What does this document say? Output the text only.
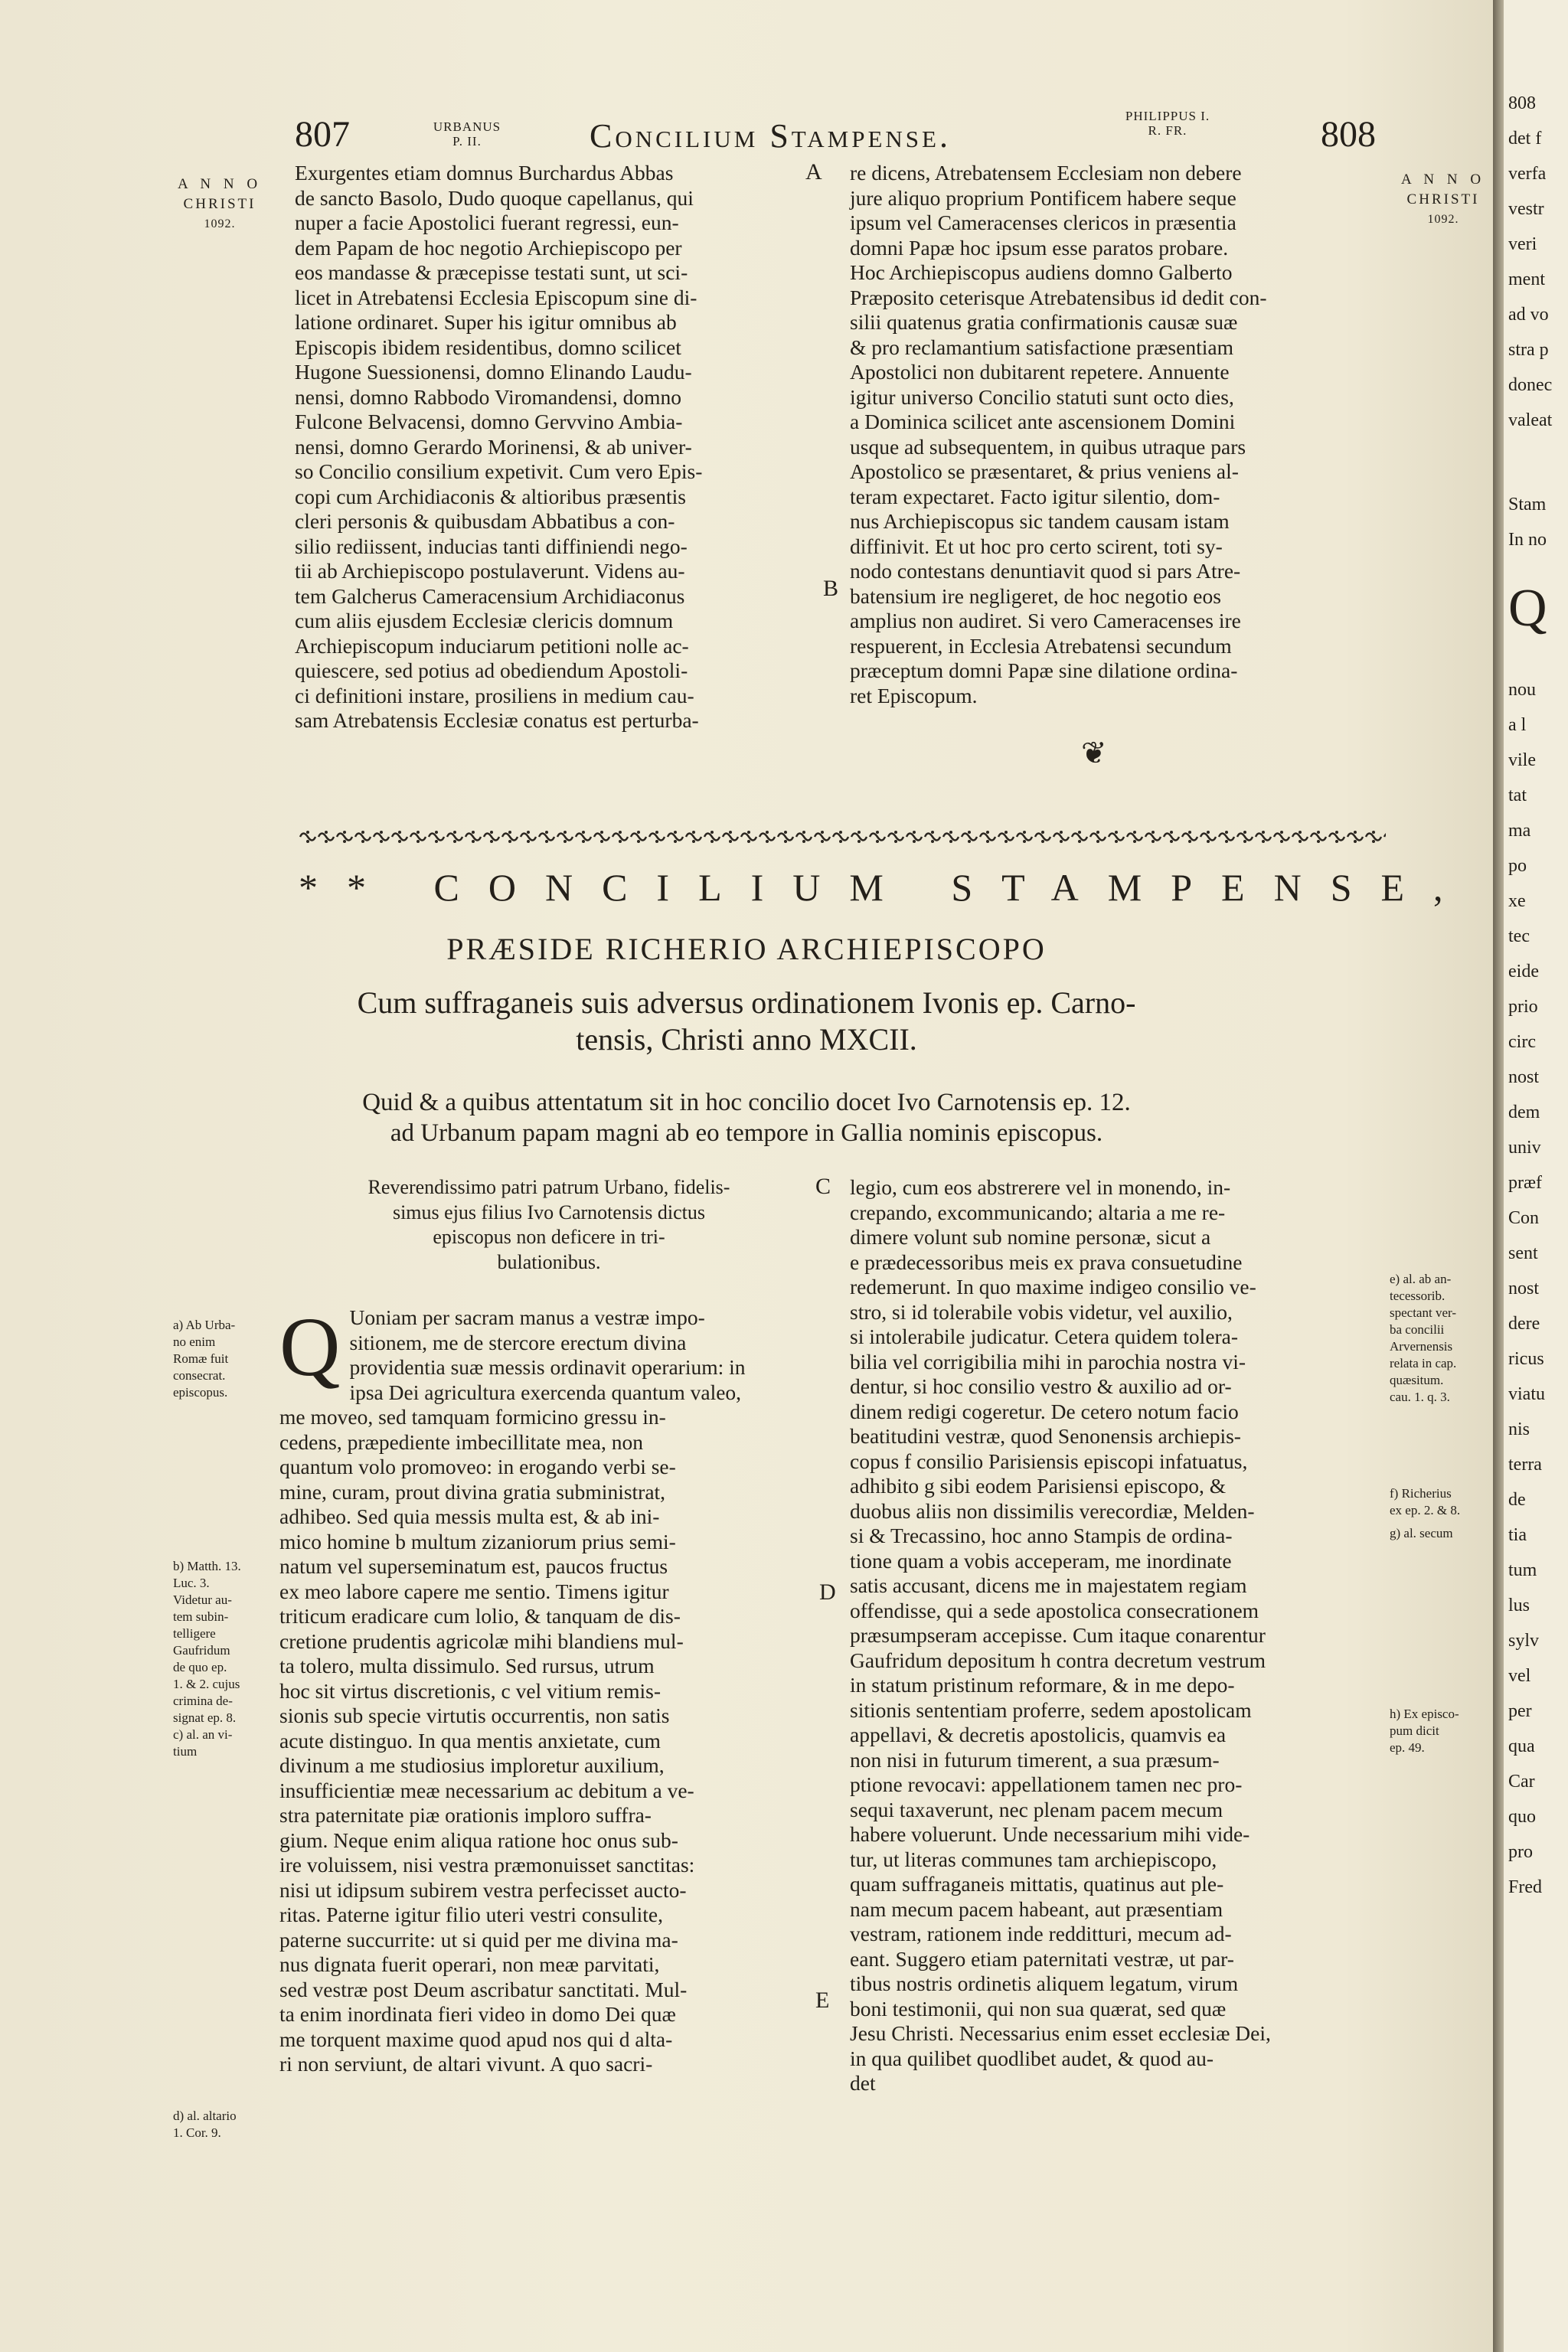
807	URBANUS
P. II.	Concilium Stampense.
PHILIPPUS I.
R. FR.	808
A N N O
CHRISTI
1092.
A N N O
CHRISTI
1092.
A
B
C
D
E
Exurgentes etiam domnus Burchardus Abbas
de sancto Basolo, Dudo quoque capellanus, qui
nuper a facie Apostolici fuerant regressi, eun-
dem Papam de hoc negotio Archiepiscopo per
eos mandasse & præcepisse testati sunt, ut sci-
licet in Atrebatensi Ecclesia Episcopum sine di-
latione ordinaret. Super his igitur omnibus ab
Episcopis ibidem residentibus, domno scilicet
Hugone Suessionensi, domno Elinando Laudu-
nensi, domno Rabbodo Viromandensi, domno
Fulcone Belvacensi, domno Gervvino Ambia-
nensi, domno Gerardo Morinensi, & ab univer-
so Concilio consilium expetivit. Cum vero Epis-
copi cum Archidiaconis & altioribus præsentis
cleri personis & quibusdam Abbatibus a con-
silio rediissent, inducias tanti diffiniendi nego-
tii ab Archiepiscopo postulaverunt. Videns au-
tem Galcherus Cameracensium Archidiaconus
cum aliis ejusdem Ecclesiæ clericis domnum
Archiepiscopum induciarum petitioni nolle ac-
quiescere, sed potius ad obediendum Apostoli-
ci definitioni instare, prosiliens in medium cau-
sam Atrebatensis Ecclesiæ conatus est perturba-
re dicens, Atrebatensem Ecclesiam non debere
jure aliquo proprium Pontificem habere seque
ipsum vel Cameracenses clericos in præsentia
domni Papæ hoc ipsum esse paratos probare.
Hoc Archiepiscopus audiens domno Galberto
Præposito ceterisque Atrebatensibus id dedit con-
silii quatenus gratia confirmationis causæ suæ
& pro reclamantium satisfactione præsentiam
Apostolici non dubitarent repetere. Annuente
igitur universo Concilio statuti sunt octo dies,
a Dominica scilicet ante ascensionem Domini
usque ad subsequentem, in quibus utraque pars
Apostolico se præsentaret, & prius veniens al-
teram expectaret. Facto igitur silentio, dom-
nus Archiepiscopus sic tandem causam istam
diffinivit. Et ut hoc pro certo scirent, toti sy-
nodo contestans denuntiavit quod si pars Atre-
batensium ire negligeret, de hoc negotio eos
amplius non audiret. Si vero Cameracenses ire
respuerent, in Ecclesia Atrebatensi secundum
præceptum domni Papæ sine dilatione ordina-
ret Episcopum.
❦
** CONCILIUM STAMPENSE,
PRÆSIDE RICHERIO ARCHIEPISCOPO
Cum suffraganeis suis adversus ordinationem Ivonis ep. Carno-
tensis, Christi anno MXCII.
Quid & a quibus attentatum sit in hoc concilio docet Ivo Carnotensis ep. 12.
ad Urbanum papam magni ab eo tempore in Gallia nominis episcopus.
Reverendissimo patri patrum Urbano, fidelis-
simus ejus filius Ivo Carnotensis dictus
episcopus non deficere in tri-
bulationibus.
Q Uoniam per sacram manus a vestræ impo-
sitionem, me de stercore erectum divina
providentia suæ messis ordinavit operarium: in
ipsa Dei agricultura exercenda quantum valeo,
me moveo, sed tamquam formicino gressu in-
cedens, præpediente imbecillitate mea, non
quantum volo promoveo: in erogando verbi se-
mine, curam, prout divina gratia subministrat,
adhibeo. Sed quia messis multa est, & ab ini-
mico homine b multum zizaniorum prius semi-
natum vel superseminatum est, paucos fructus
ex meo labore capere me sentio. Timens igitur
triticum eradicare cum lolio, & tanquam de dis-
cretione prudentis agricolæ mihi blandiens mul-
ta tolero, multa dissimulo. Sed rursus, utrum
hoc sit virtus discretionis, c vel vitium remis-
sionis sub specie virtutis occurrentis, non satis
acute distinguo. In qua mentis anxietate, cum
divinum a me studiosius imploretur auxilium,
insufficientiæ meæ necessarium ac debitum a ve-
stra paternitate piæ orationis imploro suffra-
gium. Neque enim aliqua ratione hoc onus sub-
ire voluissem, nisi vestra præmonuisset sanctitas:
nisi ut idipsum subirem vestra perfecisset aucto-
ritas. Paterne igitur filio uteri vestri consulite,
paterne succurrite: ut si quid per me divina ma-
nus dignata fuerit operari, non meæ parvitati,
sed vestræ post Deum ascribatur sanctitati. Mul-
ta enim inordinata fieri video in domo Dei quæ
me torquent maxime quod apud nos qui d alta-
ri non serviunt, de altari vivunt. A quo sacri-
legio, cum eos abstrerere vel in monendo, in-
crepando, excommunicando; altaria a me re-
dimere volunt sub nomine personæ, sicut a
e prædecessoribus meis ex prava consuetudine
redemerunt. In quo maxime indigeo consilio ve-
stro, si id tolerabile vobis videtur, vel auxilio,
si intolerabile judicatur. Cetera quidem tolera-
bilia vel corrigibilia mihi in parochia nostra vi-
dentur, si hoc consilio vestro & auxilio ad or-
dinem redigi cogeretur. De cetero notum facio
beatitudini vestræ, quod Senonensis archiepis-
copus f consilio Parisiensis episcopi infatuatus,
adhibito g sibi eodem Parisiensi episcopo, &
duobus aliis non dissimilis verecordiæ, Melden-
si & Trecassino, hoc anno Stampis de ordina-
tione quam a vobis acceperam, me inordinate
satis accusant, dicens me in majestatem regiam
offendisse, qui a sede apostolica consecrationem
præsumpseram accepisse. Cum itaque conarentur
Gaufridum depositum h contra decretum vestrum
in statum pristinum reformare, & in me depo-
sitionis sententiam proferre, sedem apostolicam
appellavi, & decretis apostolicis, quamvis ea
non nisi in futurum timerent, a sua præsum-
ptione revocavi: appellationem tamen nec pro-
sequi taxaverunt, nec plenam pacem mecum
habere voluerunt. Unde necessarium mihi vide-
tur, ut literas communes tam archiepiscopo,
quam suffraganeis mittatis, quatinus aut ple-
nam mecum pacem habeant, aut præsentiam
vestram, rationem inde redditturi, mecum ad-
eant. Suggero etiam paternitati vestræ, ut par-
tibus nostris ordinetis aliquem legatum, virum
boni testimonii, qui non sua quærat, sed quæ
Jesu Christi. Necessarius enim esset ecclesiæ Dei,
in qua quilibet quodlibet audet, & quod au-
det
a) Ab Urba-
no enim
Romæ fuit
consecrat.
episcopus.
b) Matth. 13.
Luc. 3.
Videtur au-
tem subin-
telligere
Gaufridum
de quo ep.
1. & 2. cujus
crimina de-
signat ep. 8.
c) al. an vi-
tium
d) al. altario
1. Cor. 9.
e) al. ab an-
tecessorib.
spectant ver-
ba concilii
Arvernensis
relata in cap.
quæsitum.
cau. 1. q. 3.
f) Richerius
ex ep. 2. & 8.
g) al. secum
h) Ex episco-
pum dicit
ep. 49.
808
det f
verfa
vestr
veri
ment
ad vo
stra p
donec
valeat
Stam
In no
Q
nou
a l
vile
tat
ma
po
xe
tec
eide
prio
circ
nost
dem
univ
præf
Con
sent
nost
dere
ricus
viatu
nis
terra
de
tia
tum
lus
sylv
vel
per
qua
Car
quo
pro
Fred
